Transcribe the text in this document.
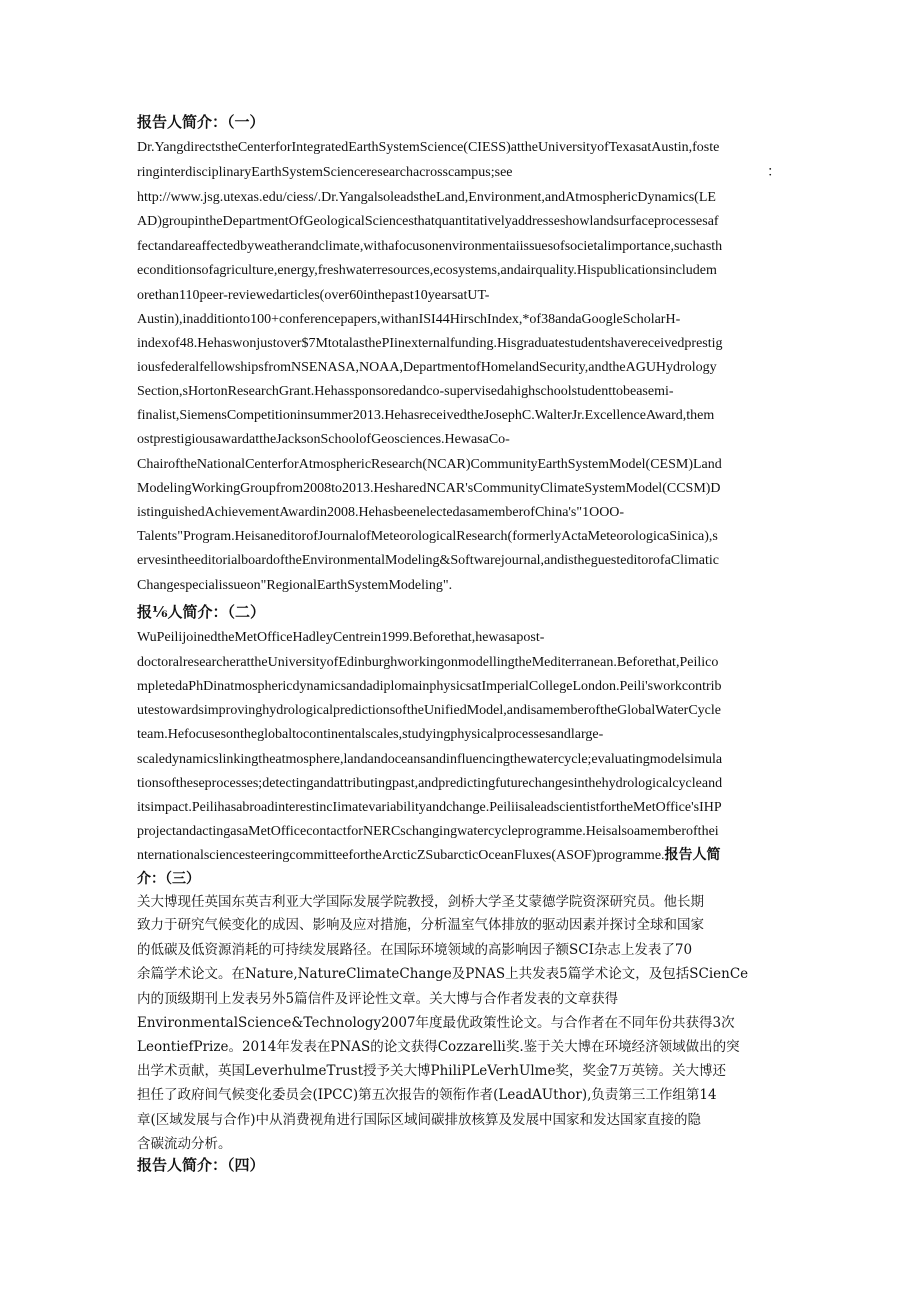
报告人简介：（一）
Dr.YangdirectstheCenterforIntegratedEarthSystemScience(CIESS)attheUniversityofTexasatAustin,foste
ringinterdisciplinaryEarthSystemScienceresearchacrosscampus;see	：
http://www.jsg.utexas.edu/ciess/.Dr.YangalsoleadstheLand,Environment,andAtmosphericDynamics(LE
AD)groupintheDepartmentOfGeologicalSciencesthatquantitativelyaddresseshowlandsurfaceprocessesaf
fectandareaffectedbyweatherandclimate,withafocusonenvironmentaiissuesofsocietalimportance,suchasth
econditionsofagriculture,energy,freshwaterresources,ecosystems,andairquality.Hispublicationsincludem
orethan110peer-reviewedarticles(over60inthepast10yearsatUT-
Austin),inadditionto100+conferencepapers,withanISI44HirschIndex,*of38andaGoogleScholarH-
indexof48.Hehaswonjustover$7MtotalasthePIinexternalfunding.Hisgraduatestudentshavereceivedprestig
iousfederalfellowshipsfromNSENASA,NOAA,DepartmentofHomelandSecurity,andtheAGUHydrology
Section,sHortonResearchGrant.Hehassponsoredandco-supervisedahighschoolstudenttobeasemi-
finalist,SiemensCompetitioninsummer2013.HehasreceivedtheJosephC.WalterJr.ExcellenceAward,them
ostprestigiousawardattheJacksonSchoolofGeosciences.HewasaCo-
ChairoftheNationalCenterforAtmosphericResearch(NCAR)CommunityEarthSystemModel(CESM)Land
ModelingWorkingGroupfrom2008to2013.HesharedNCAR'sCommunityClimateSystemModel(CCSM)D
istinguishedAchievementAwardin2008.HehasbeenelectedasamemberofChina's"1OOO-
Talents"Program.HeisaneditorofJournalofMeteorologicalResearch(formerlyActaMeteorologicaSinica),s
ervesintheeditorialboardoftheEnvironmentalModeling&Softwarejournal,andistheguesteditorofaClimatic
Changespecialissueon"RegionalEarthSystemModeling".
报⅙人简介：（二）
WuPeilijoinedtheMetOfficeHadleyCentrein1999.Beforethat,hewasapost-
doctoralresearcherattheUniversityofEdinburghworkingonmodellingtheMediterranean.Beforethat,Peilico
mpletedaPhDinatmosphericdynamicsandadiplomainphysicsatImperialCollegeLondon.Peili'sworkcontrib
utestowardsimprovinghydrologicalpredictionsoftheUnifiedModel,andisamemberoftheGlobalWaterCycle
team.Hefocusesontheglobaltocontinentalscales,studyingphysicalprocessesandlarge-
scaledynamicslinkingtheatmosphere,landandoceansandinfluencingthewatercycle;evaluatingmodelsimula
tionsoftheseprocesses;detectingandattributingpast,andpredictingfuturechangesinthehydrologicalcycleand
itsimpact.PeilihasabroadinterestincIimatevariabilityandchange.PeiliisaleadscientistfortheMetOffice'sIHP
projectandactingasaMetOfficecontactforNERCschangingwatercycleprogramme.Heisalsoamemberofthei
nternationalsciencesteeringcommitteefortheArcticZSubarcticOceanFluxes(ASOF)programme.报告人简
介：（三）
关大博现任英国东英吉利亚大学国际发展学院教授，剑桥大学圣艾蒙德学院资深研究员。他长期
致力于研究气候变化的成因、影响及应对措施，分析温室气体排放的驱动因素并探讨全球和国家
的低碳及低资源消耗的可持续发展路径。在国际环境领域的高影响因子额SCI杂志上发表了70
余篇学术论文。在Nature,NatureClimateChange及PNAS上共发表5篇学术论文，及包括SCienCe
内的顶级期刊上发表另外5篇信件及评论性文章。关大博与合作者发表的文章获得
EnvironmentalScience&Technology2007年度最优政策性论文。与合作者在不同年份共获得3次
LeontiefPrize。2014年发表在PNAS的论文获得Cozzarelli奖.鉴于关大博在环境经济领域做出的突
出学术贡献，英国LeverhulmeTrust授予关大博PhiliPLeVerhUlme奖，奖金7万英镑。关大博还
担任了政府间气候变化委员会(IPCC)第五次报告的领衔作者(LeadAUthor),负责第三工作组第14
章(区域发展与合作)中从消费视角进行国际区域间碳排放核算及发展中国家和发达国家直接的隐
含碳流动分析。
报告人简介：（四）
